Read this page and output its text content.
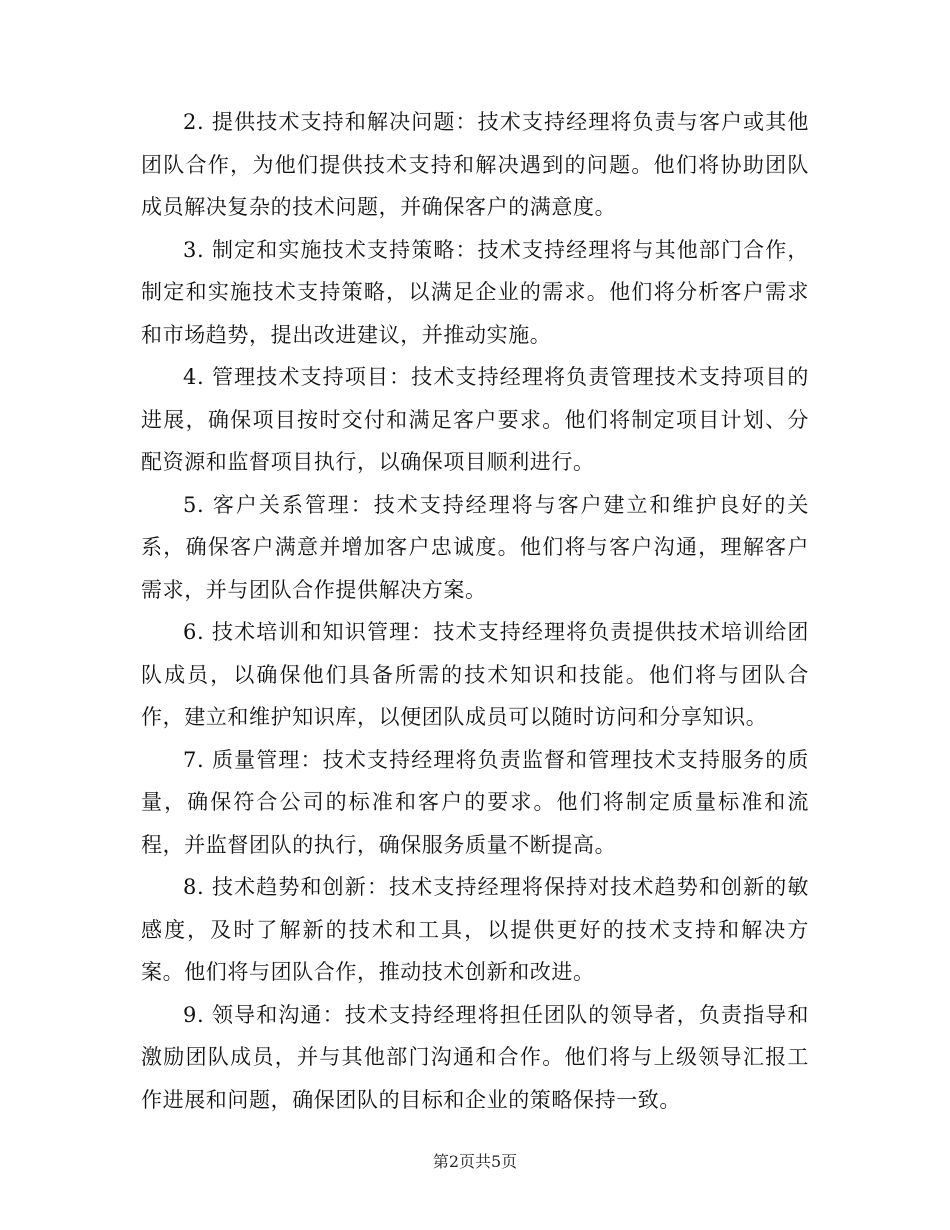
2. 提供技术支持和解决问题：技术支持经理将负责与客户或其他团队合作，为他们提供技术支持和解决遇到的问题。他们将协助团队成员解决复杂的技术问题，并确保客户的满意度。

3. 制定和实施技术支持策略：技术支持经理将与其他部门合作，制定和实施技术支持策略，以满足企业的需求。他们将分析客户需求和市场趋势，提出改进建议，并推动实施。

4. 管理技术支持项目：技术支持经理将负责管理技术支持项目的进展，确保项目按时交付和满足客户要求。他们将制定项目计划、分配资源和监督项目执行，以确保项目顺利进行。

5. 客户关系管理：技术支持经理将与客户建立和维护良好的关系，确保客户满意并增加客户忠诚度。他们将与客户沟通，理解客户需求，并与团队合作提供解决方案。

6. 技术培训和知识管理：技术支持经理将负责提供技术培训给团队成员，以确保他们具备所需的技术知识和技能。他们将与团队合作，建立和维护知识库，以便团队成员可以随时访问和分享知识。

7. 质量管理：技术支持经理将负责监督和管理技术支持服务的质量，确保符合公司的标准和客户的要求。他们将制定质量标准和流程，并监督团队的执行，确保服务质量不断提高。

8. 技术趋势和创新：技术支持经理将保持对技术趋势和创新的敏感度，及时了解新的技术和工具，以提供更好的技术支持和解决方案。他们将与团队合作，推动技术创新和改进。

9. 领导和沟通：技术支持经理将担任团队的领导者，负责指导和激励团队成员，并与其他部门沟通和合作。他们将与上级领导汇报工作进展和问题，确保团队的目标和企业的策略保持一致。

第2页共5页
